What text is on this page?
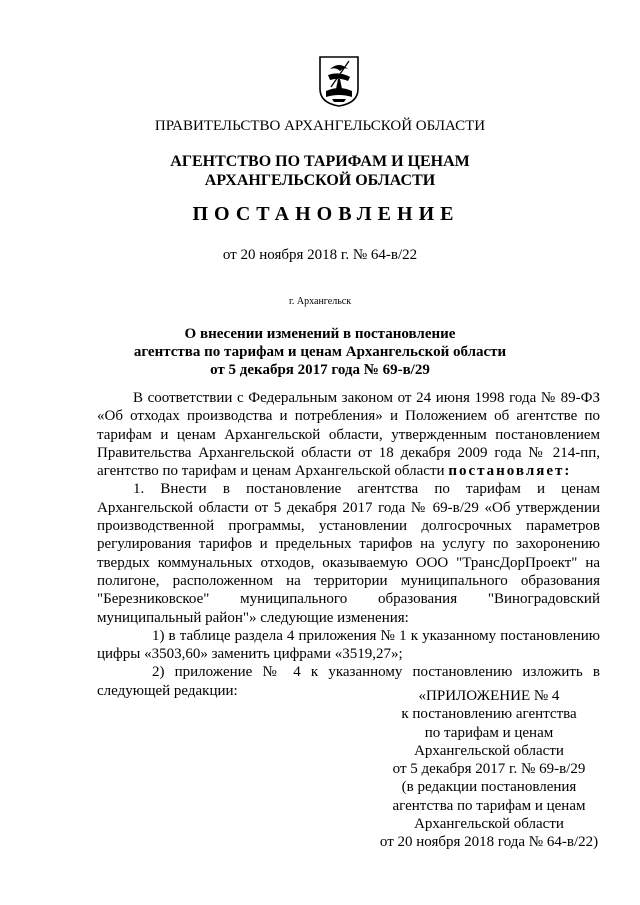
ПРАВИТЕЛЬСТВО АРХАНГЕЛЬСКОЙ ОБЛАСТИ
АГЕНТСТВО ПО ТАРИФАМ И ЦЕНАМ
АРХАНГЕЛЬСКОЙ ОБЛАСТИ
ПОСТАНОВЛЕНИЕ
от 20 ноября 2018 г. № 64-в/22
г. Архангельск
О внесении изменений в постановление
агентства по тарифам и ценам Архангельской области
от 5 декабря 2017 года № 69-в/29

В соответствии с Федеральным законом от 24 июня 1998 года № 89-ФЗ «Об отходах производства и потребления» и Положением об агентстве по тарифам и ценам Архангельской области, утвержденным постановлением Правительства Архангельской области от 18 декабря 2009 года № 214-пп, агентство по тарифам и ценам Архангельской области постановляет:

1. Внести в постановление агентства по тарифам и ценам Архангельской области от 5 декабря 2017 года № 69-в/29 «Об утверждении производственной программы, установлении долгосрочных параметров регулирования тарифов и предельных тарифов на услугу по захоронению твердых коммунальных отходов, оказываемую ООО "ТрансДорПроект" на полигоне, расположенном на территории муниципального образования "Березниковское" муниципального образования "Виноградовский муниципальный район"» следующие изменения:

1) в таблице раздела 4 приложения № 1 к указанному постановлению цифры «3503,60» заменить цифрами «3519,27»;

2) приложение № 4 к указанному постановлению изложить в следующей редакции:	«ПРИЛОЖЕНИЕ № 4
к постановлению агентства
по тарифам и ценам
Архангельской области
от 5 декабря 2017 г. № 69-в/29
(в редакции постановления
агентства по тарифам и ценам
Архангельской области
от 20 ноября 2018 года № 64-в/22)
